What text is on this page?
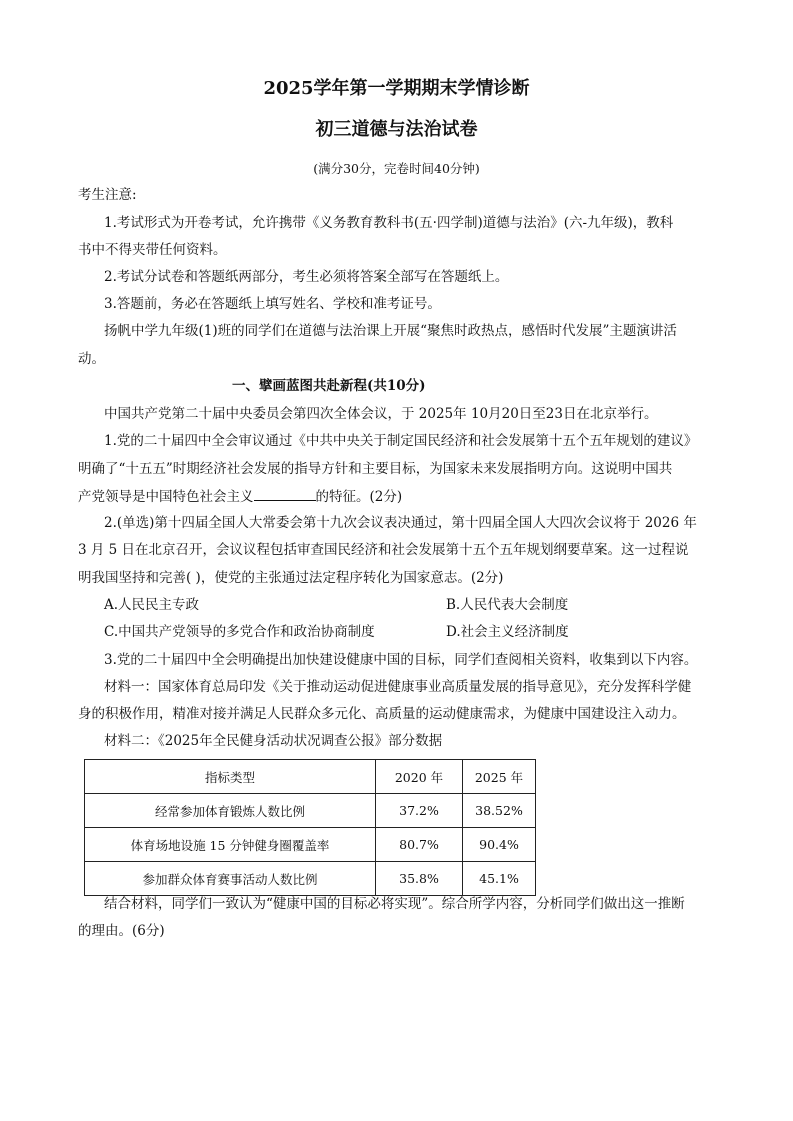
2025学年第一学期期末学情诊断
初三道德与法治试卷
(满分30分，完卷时间40分钟)
考生注意:
1.考试形式为开卷考试，允许携带《义务教育教科书(五·四学制)道德与法治》(六-九年级)，教科
书中不得夹带任何资料。
2.考试分试卷和答题纸两部分，考生必须将答案全部写在答题纸上。
3.答题前，务必在答题纸上填写姓名、学校和准考证号。
扬帆中学九年级(1)班的同学们在道德与法治课上开展“聚焦时政热点，感悟时代发展”主题演讲活
动。
一、擘画蓝图共赴新程(共10分)
中国共产党第二十届中央委员会第四次全体会议，于 2025年 10月20日至23日在北京举行。
1.党的二十届四中全会审议通过《中共中央关于制定国民经济和社会发展第十五个五年规划的建议》
明确了“十五五”时期经济社会发展的指导方针和主要目标，为国家未来发展指明方向。这说明中国共
产党领导是中国特色社会主义	的特征。(2分)
2.(单选)第十四届全国人大常委会第十九次会议表决通过，第十四届全国人大四次会议将于 2026 年
3 月 5 日在北京召开，会议议程包括审查国民经济和社会发展第十五个五年规划纲要草案。这一过程说
明我国坚持和完善( )，使党的主张通过法定程序转化为国家意志。(2分)
A.人民民主专政	B.人民代表大会制度
C.中国共产党领导的多党合作和政治协商制度	D.社会主义经济制度
3.党的二十届四中全会明确提出加快建设健康中国的目标，同学们查阅相关资料，收集到以下内容。
材料一：国家体育总局印发《关于推动运动促进健康事业高质量发展的指导意见》，充分发挥科学健
身的积极作用，精准对接并满足人民群众多元化、高质量的运动健康需求，为健康中国建设注入动力。
材料二：《2025年全民健身活动状况调查公报》部分数据
指标类型	2020 年	2025 年
经常参加体育锻炼人数比例	37.2%	38.52%
体育场地设施 15 分钟健身圈覆盖率	80.7%	90.4%
参加群众体育赛事活动人数比例	35.8%	45.1%
结合材料，同学们一致认为“健康中国的目标必将实现”。综合所学内容，分析同学们做出这一推断
的理由。(6分)
